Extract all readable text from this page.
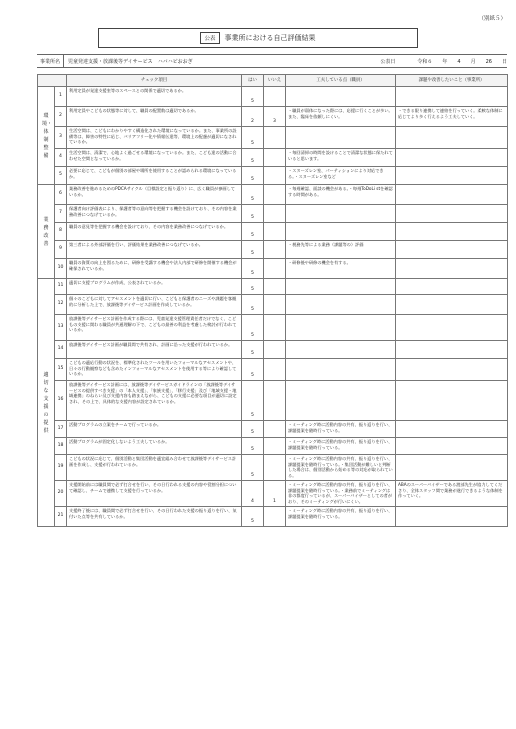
（別紙５）
公表	事業所における自己評価結果
事業所名	児童発達支援・放課後等デイサービス　ハバハピおおぎ	公表日	令和６ 年 4 月 26 日
		チェック項目	はい	いいえ	工夫している点（職員）	課題や改善したいこと（事業所）
環境・体制整備	1	利用定員が発達支援室等のスペースとの関係で適切であるか。	5			
	2	利用定員やこどもの状態等に対して、職員の配置数は適切であるか。	2	3	・職員が弱体になった際には、応援に行くことが多い。また、臨床を依頼しにくい。	・できる限り連携して連絡を行っていく。柔軟な体制に応じてより多く行えるよう工夫していく。
	3	生活空間は、こどもにわかりやすく構造化された環境になっているか。また、事業所の設備等は、障害の特性に応じ、バリアフリー化や情報伝達等、環境上の配慮が適切になされているか。	5			
	4	生活空間は、清潔で、心地よく過ごせる環境になっているか。また、こども達の活動に合わせた空間となっているか。	5		・毎回清掃の時間を設けることで清潔な状態に保たれていると思います。	
	5	必要に応じて、こどもが個別の部屋や場所を使用することが認められる環境になっているか。	5		・スヌーズレン室、パーティションにより対応できる。・スヌーズレン室など	
業務改善	6	業務改善を進めるためのPDCAサイクル（目標設定と振り返り）に、広く職員が参画しているか。	5		・毎週確認、面談の機会がある。・毎週ToDoLi stを確認する時間がある。	
	7	保護者向け評価表により、保護者等の意向等を把握する機会を設けており、その内容を業務改善につなげているか。	5			
	8	職員の意見等を把握する機会を設けており、その内容を業務改善につなげているか。	5			
	9	第三者による外部評価を行い、評価結果を業務改善につなげているか。	5		・税務先等による業務（課題等の）評価	
	10	職員の資質の向上を図るために、研修を受講する機会や法人内部で研修を開催する機会が確保されているか。	5		・研修後や研修の機会を有する。	
適切な支援の提供	11	適切に支援プログラムが作成、公表されているか。	5			
	12	個々のこどもに対してアセスメントを適切に行い、こどもと保護者のニーズや課題を客観的に分析した上で、放課後等デイサービス計画を作成しているか。	5			
	13	放課後等デイサービス計画を作成する際には、児童発達支援管理責任者だけでなく、こどもの支援に関わる職員が共通理解の下で、こどもの最善の利益を考慮した検討が行われているか。	5			
	14	放課後等デイサービス計画が職員間で共有され、計画に沿った支援が行われているか。	5			
	15	こどもの適応行動の状況を、標準化されたツールを用いたフォーマルなアセスメントや、日々の行動観察なども含めたインフォーマルなアセスメントを使用する等により確認しているか。	5			
	16	放課後等デイサービス計画には、放課後等デイサービスガイドラインの「放課後等デイサービスの提供すべき支援」の「本人支援」、「家族支援」、「移行支援」及び「地域支援・地域連携」のねらい及び支援内容も踏まえながら、こどもの支援に必要な項目が適切に設定され、その上で、具体的な支援内容が設定されているか。	5			
	17	活動プログラムの立案をチームで行っているか。	5		・ミーティング時に活動内容の共有、振り返りを行い、課題提案を随時行っている。	
	18	活動プログラムが固定化しないよう工夫しているか。	5		・ミーティング時に活動内容の共有、振り返りを行い、課題提案を随時行っている。	
	19	こどもの状況に応じて、個別活動と集団活動を適宜組み合わせて放課後等デイサービス計画を作成し、支援が行われているか。	5		・ミーティング時に活動内容の共有、振り返りを行い、課題提案を随時行っている。・集団活動が難しいと判断した場合は、個別活動から始める等の対応が取られている。	
	20	支援開始前には職員間で必ず打合せを行い、その日行われる支援の内容や役割分担について確認し、チームで連携して支援を行っているか。	4	1	・ミーティング時に活動内容の共有、振り返りを行い、課題提案を随時行っている。・業務前でミーティングは非の都度行っているが、スーパーバイザーとしての者がおり、そのミーティングが行いにくい。	ABAのスーパーバイザーである渡部先生が協力してくださり、全体スタッフ間で業務が遂行できるような体制を作っていく。
	21	支援終了後には、職員間で必ず打合せを行い、その日行われた支援の振り返りを行い、気付いた点等を共有しているか。	5		・ミーティング時に活動内容の共有、振り返りを行い、課題提案を随時行っている。	
